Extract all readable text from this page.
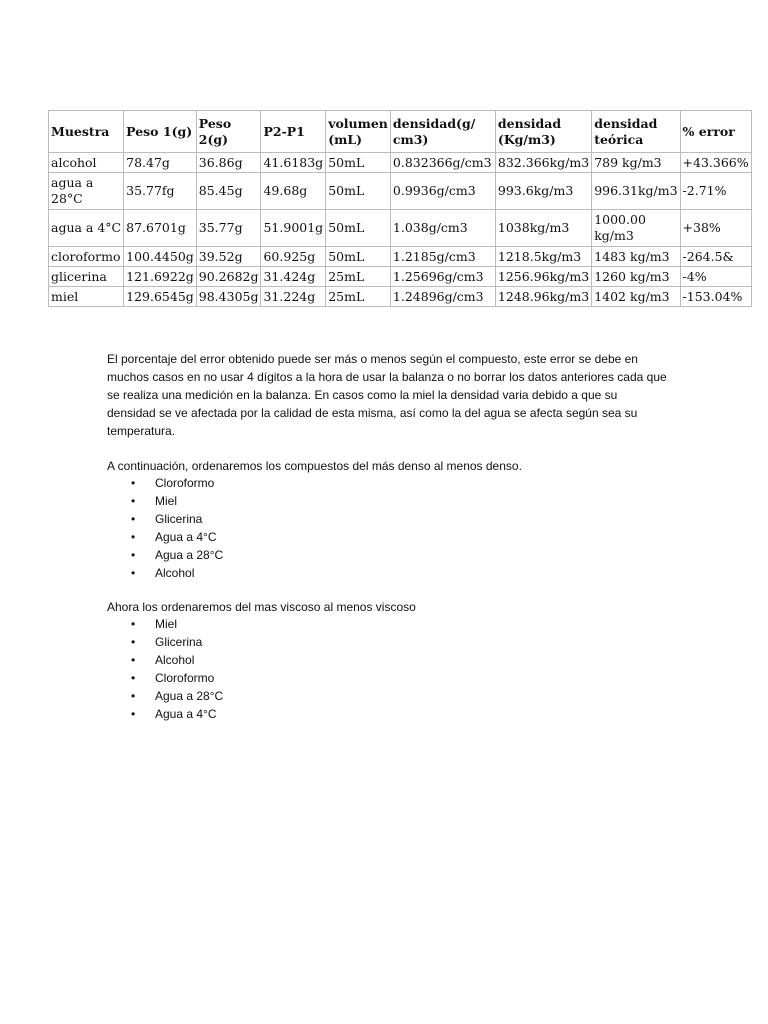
Muestra	Peso 1(g)	Peso 2(g)	P2-P1	volumen (mL)	densidad(g/ cm3)	densidad (Kg/m3)	densidad teórica	% error
alcohol	78.47g	36.86g	41.6183g	50mL	0.832366g/cm3	832.366kg/m3	789 kg/m3	+43.366%
agua a 28°C	35.77fg	85.45g	49.68g	50mL	0.9936g/cm3	993.6kg/m3	996.31kg/m3	-2.71%
agua a 4°C	87.6701g	35.77g	51.9001g	50mL	1.038g/cm3	1038kg/m3	1000.00 kg/m3	+38%
cloroformo	100.4450g	39.52g	60.925g	50mL	1.2185g/cm3	1218.5kg/m3	1483 kg/m3	-264.5&
glicerina	121.6922g	90.2682g	31.424g	25mL	1.25696g/cm3	1256.96kg/m3	1260 kg/m3	-4%
miel	129.6545g	98.4305g	31.224g	25mL	1.24896g/cm3	1248.96kg/m3	1402 kg/m3	-153.04%

El porcentaje del error obtenido puede ser más o menos según el compuesto, este error se debe en muchos casos en no usar 4 dígitos a la hora de usar la balanza o no borrar los datos anteriores cada que se realiza una medición en la balanza. En casos como la miel la densidad varia debido a que su densidad se ve afectada por la calidad de esta misma, así como la del agua se afecta según sea su temperatura.

A continuación, ordenaremos los compuestos del más denso al menos denso.

• Cloroformo
• Miel
• Glicerina
• Agua a 4°C
• Agua a 28°C
• Alcohol

Ahora los ordenaremos del mas viscoso al menos viscoso

• Miel
• Glicerina
• Alcohol
• Cloroformo
• Agua a 28°C
• Agua a 4°C
